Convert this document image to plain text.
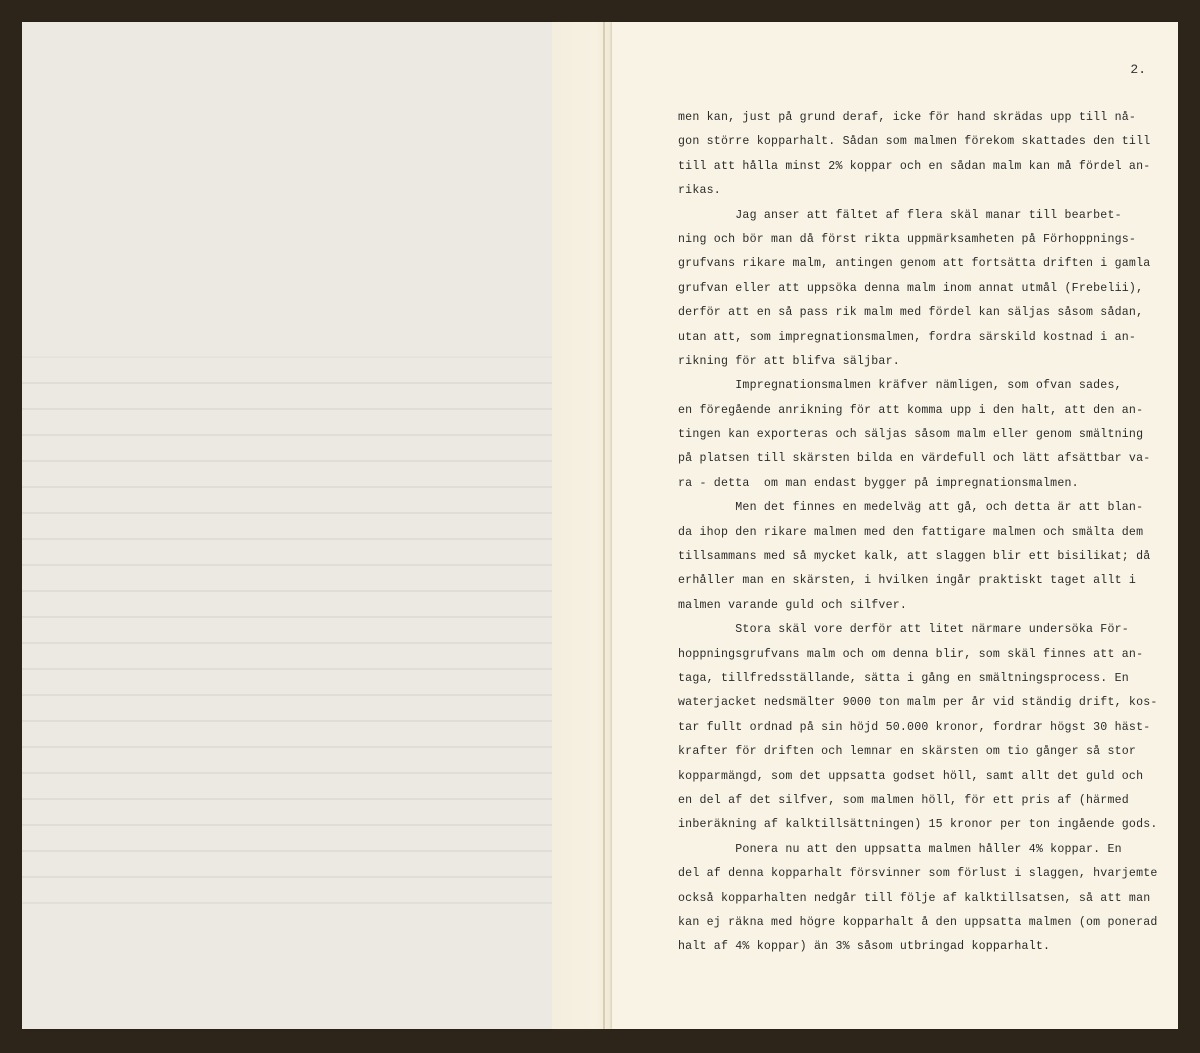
2.
men kan, just på grund deraf, icke för hand skrädas upp till nå-
gon större kopparhalt. Sådan som malmen förekom skattades den till
till att hålla minst 2% koppar och en sådan malm kan må fördel an-
rikas.
Jag anser att fältet af flera skäl manar till bearbet-
ning och bör man då först rikta uppmärksamheten på Förhoppnings-
grufvans rikare malm, antingen genom att fortsätta driften i gamla
grufvan eller att uppsöka denna malm inom annat utmål (Frebelii),
derför att en så pass rik malm med fördel kan säljas såsom sådan,
utan att, som impregnationsmalmen, fordra särskild kostnad i an-
rikning för att blifva säljbar.
Impregnationsmalmen kräfver nämligen, som ofvan sades,
en föregående anrikning för att komma upp i den halt, att den an-
tingen kan exporteras och säljas såsom malm eller genom smältning
på platsen till skärsten bilda en värdefull och lätt afsättbar va-
ra - detta  om man endast bygger på impregnationsmalmen.
Men det finnes en medelväg att gå, och detta är att blan-
da ihop den rikare malmen med den fattigare malmen och smälta dem
tillsammans med så mycket kalk, att slaggen blir ett bisilikat; då
erhåller man en skärsten, i hvilken ingår praktiskt taget allt i
malmen varande guld och silfver.
Stora skäl vore derför att litet närmare undersöka För-
hoppningsgrufvans malm och om denna blir, som skäl finnes att an-
taga, tillfredsställande, sätta i gång en smältningsprocess. En
waterjacket nedsmälter 9000 ton malm per år vid ständig drift, kos-
tar fullt ordnad på sin höjd 50.000 kronor, fordrar högst 30 häst-
krafter för driften och lemnar en skärsten om tio gånger så stor
kopparmängd, som det uppsatta godset höll, samt allt det guld och
en del af det silfver, som malmen höll, för ett pris af (härmed
inberäkning af kalktillsättningen) 15 kronor per ton ingående gods.
Ponera nu att den uppsatta malmen håller 4% koppar. En
del af denna kopparhalt försvinner som förlust i slaggen, hvarjemte
också kopparhalten nedgår till följe af kalktillsatsen, så att man
kan ej räkna med högre kopparhalt å den uppsatta malmen (om ponerad
halt af 4% koppar) än 3% såsom utbringad kopparhalt.
